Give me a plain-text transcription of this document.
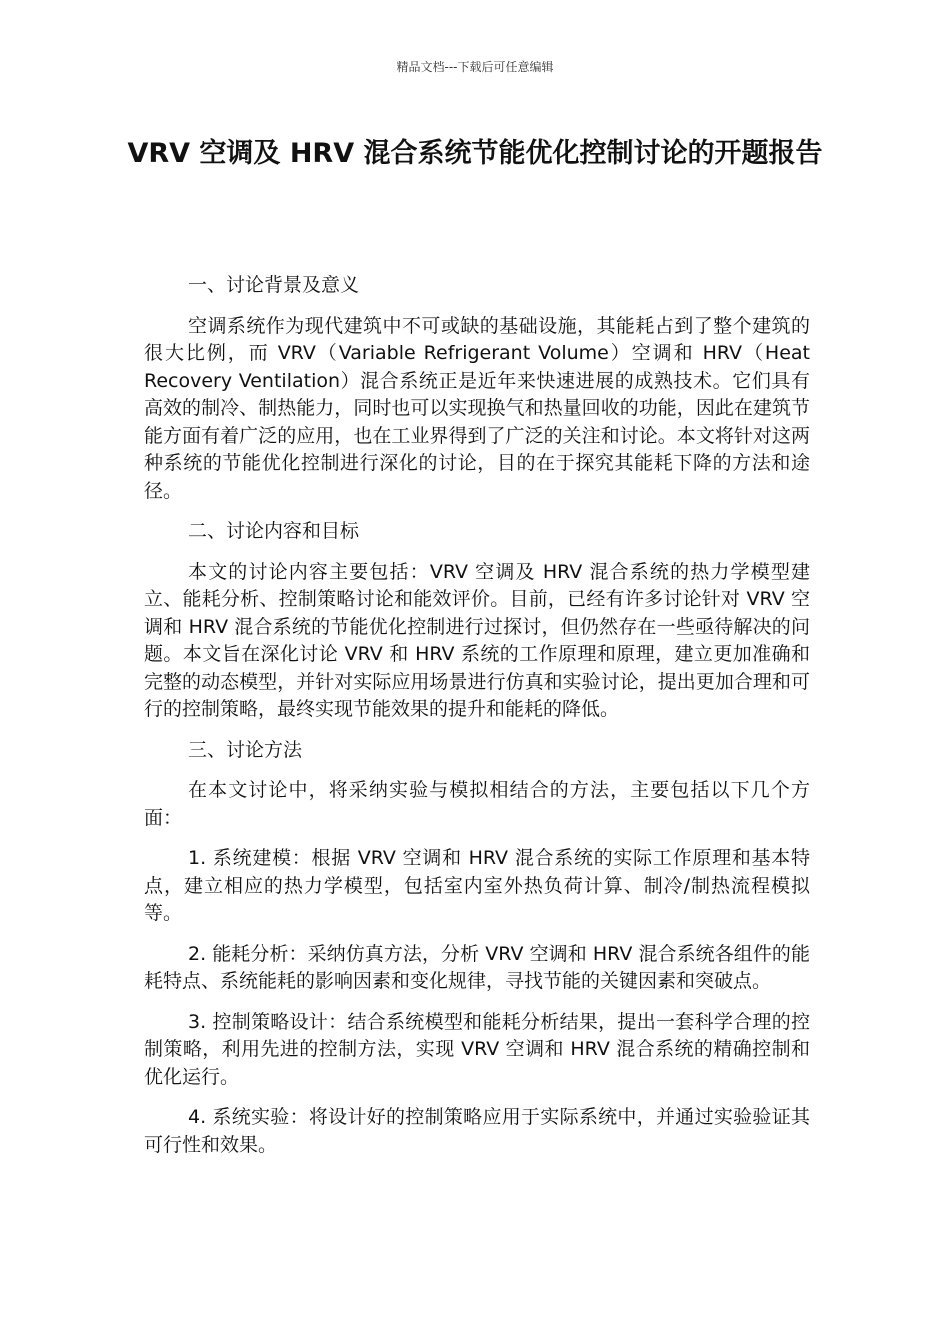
精品文档---下载后可任意编辑
VRV 空调及 HRV 混合系统节能优化控制讨论的开题报告

一、讨论背景及意义

空调系统作为现代建筑中不可或缺的基础设施，其能耗占到了整个建筑的很大比例，而 VRV（Variable Refrigerant Volume）空调和 HRV（Heat Recovery Ventilation）混合系统正是近年来快速进展的成熟技术。它们具有高效的制冷、制热能力，同时也可以实现换气和热量回收的功能，因此在建筑节能方面有着广泛的应用，也在工业界得到了广泛的关注和讨论。本文将针对这两种系统的节能优化控制进行深化的讨论，目的在于探究其能耗下降的方法和途径。

二、讨论内容和目标

本文的讨论内容主要包括：VRV 空调及 HRV 混合系统的热力学模型建立、能耗分析、控制策略讨论和能效评价。目前，已经有许多讨论针对 VRV 空调和 HRV 混合系统的节能优化控制进行过探讨，但仍然存在一些亟待解决的问题。本文旨在深化讨论 VRV 和 HRV 系统的工作原理和原理，建立更加准确和完整的动态模型，并针对实际应用场景进行仿真和实验讨论，提出更加合理和可行的控制策略，最终实现节能效果的提升和能耗的降低。

三、讨论方法

在本文讨论中，将采纳实验与模拟相结合的方法，主要包括以下几个方面：

1. 系统建模：根据 VRV 空调和 HRV 混合系统的实际工作原理和基本特点，建立相应的热力学模型，包括室内室外热负荷计算、制冷/制热流程模拟等。

2. 能耗分析：采纳仿真方法，分析 VRV 空调和 HRV 混合系统各组件的能耗特点、系统能耗的影响因素和变化规律，寻找节能的关键因素和突破点。

3. 控制策略设计：结合系统模型和能耗分析结果，提出一套科学合理的控制策略，利用先进的控制方法，实现 VRV 空调和 HRV 混合系统的精确控制和优化运行。

4. 系统实验：将设计好的控制策略应用于实际系统中，并通过实验验证其可行性和效果。
